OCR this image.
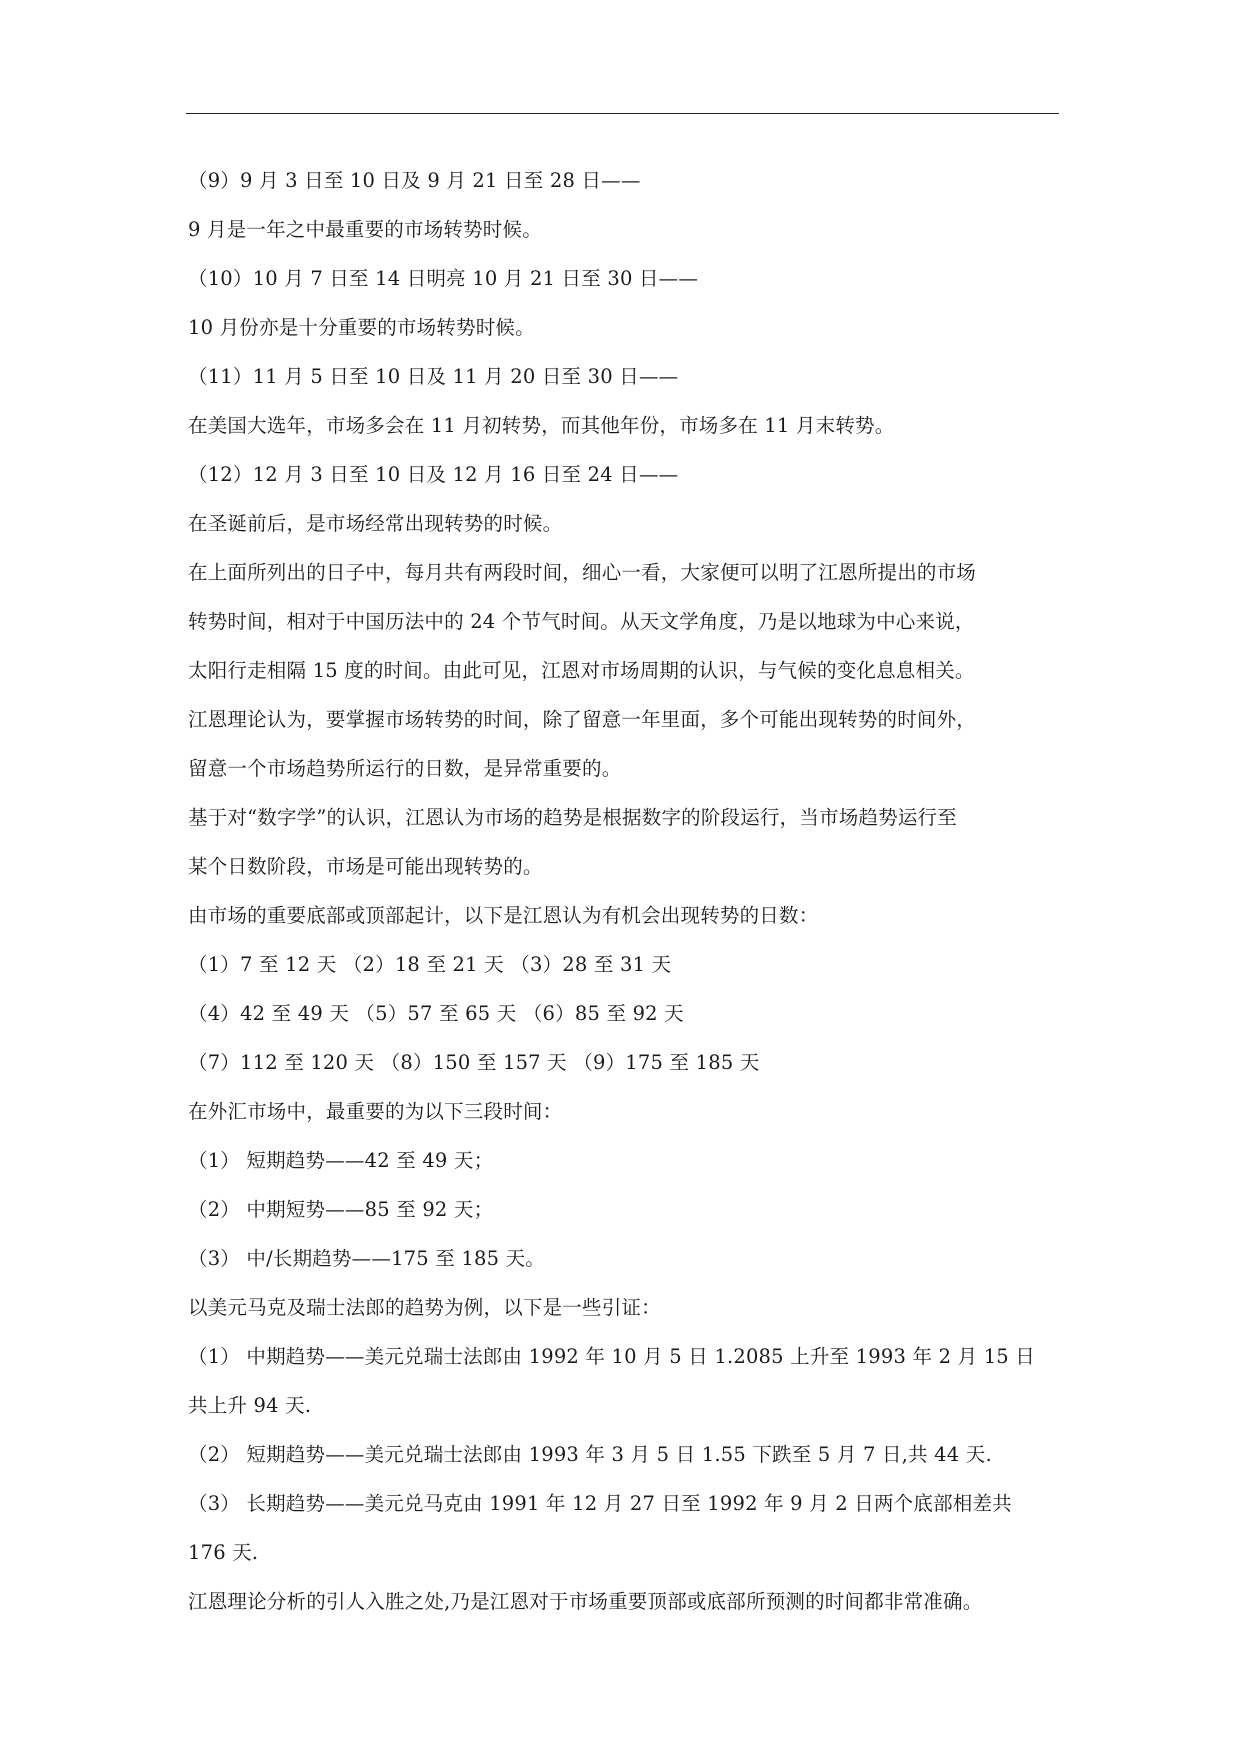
（9）9 月 3 日至 10 日及 9 月 21 日至 28 日——
9 月是一年之中最重要的市场转势时候。
（10）10 月 7 日至 14 日明亮 10 月 21 日至 30 日——
10 月份亦是十分重要的市场转势时候。
（11）11 月 5 日至 10 日及 11 月 20 日至 30 日——
在美国大选年，市场多会在 11 月初转势，而其他年份，市场多在 11 月末转势。
（12）12 月 3 日至 10 日及 12 月 16 日至 24 日——
在圣诞前后，是市场经常出现转势的时候。
在上面所列出的日子中，每月共有两段时间，细心一看，大家便可以明了江恩所提出的市场
转势时间，相对于中国历法中的 24 个节气时间。从天文学角度，乃是以地球为中心来说，
太阳行走相隔 15 度的时间。由此可见，江恩对市场周期的认识，与气候的变化息息相关。
江恩理论认为，要掌握市场转势的时间，除了留意一年里面，多个可能出现转势的时间外，
留意一个市场趋势所运行的日数，是异常重要的。
基于对“数字学”的认识，江恩认为市场的趋势是根据数字的阶段运行，当市场趋势运行至
某个日数阶段，市场是可能出现转势的。
由市场的重要底部或顶部起计，以下是江恩认为有机会出现转势的日数：
（1）7 至 12 天 （2）18 至 21 天 （3）28 至 31 天
（4）42 至 49 天 （5）57 至 65 天 （6）85 至 92 天
（7）112 至 120 天 （8）150 至 157 天 （9）175 至 185 天
在外汇市场中，最重要的为以下三段时间：
（1） 短期趋势——42 至 49 天；
（2） 中期短势——85 至 92 天；
（3） 中/长期趋势——175 至 185 天。
以美元马克及瑞士法郎的趋势为例，以下是一些引证：
（1） 中期趋势——美元兑瑞士法郎由 1992 年 10 月 5 日 1.2085 上升至 1993 年 2 月 15 日
共上升 94 天.
（2） 短期趋势——美元兑瑞士法郎由 1993 年 3 月 5 日 1.55 下跌至 5 月 7 日,共 44 天.
（3） 长期趋势——美元兑马克由 1991 年 12 月 27 日至 1992 年 9 月 2 日两个底部相差共
176 天.
江恩理论分析的引人入胜之处,乃是江恩对于市场重要顶部或底部所预测的时间都非常准确。
